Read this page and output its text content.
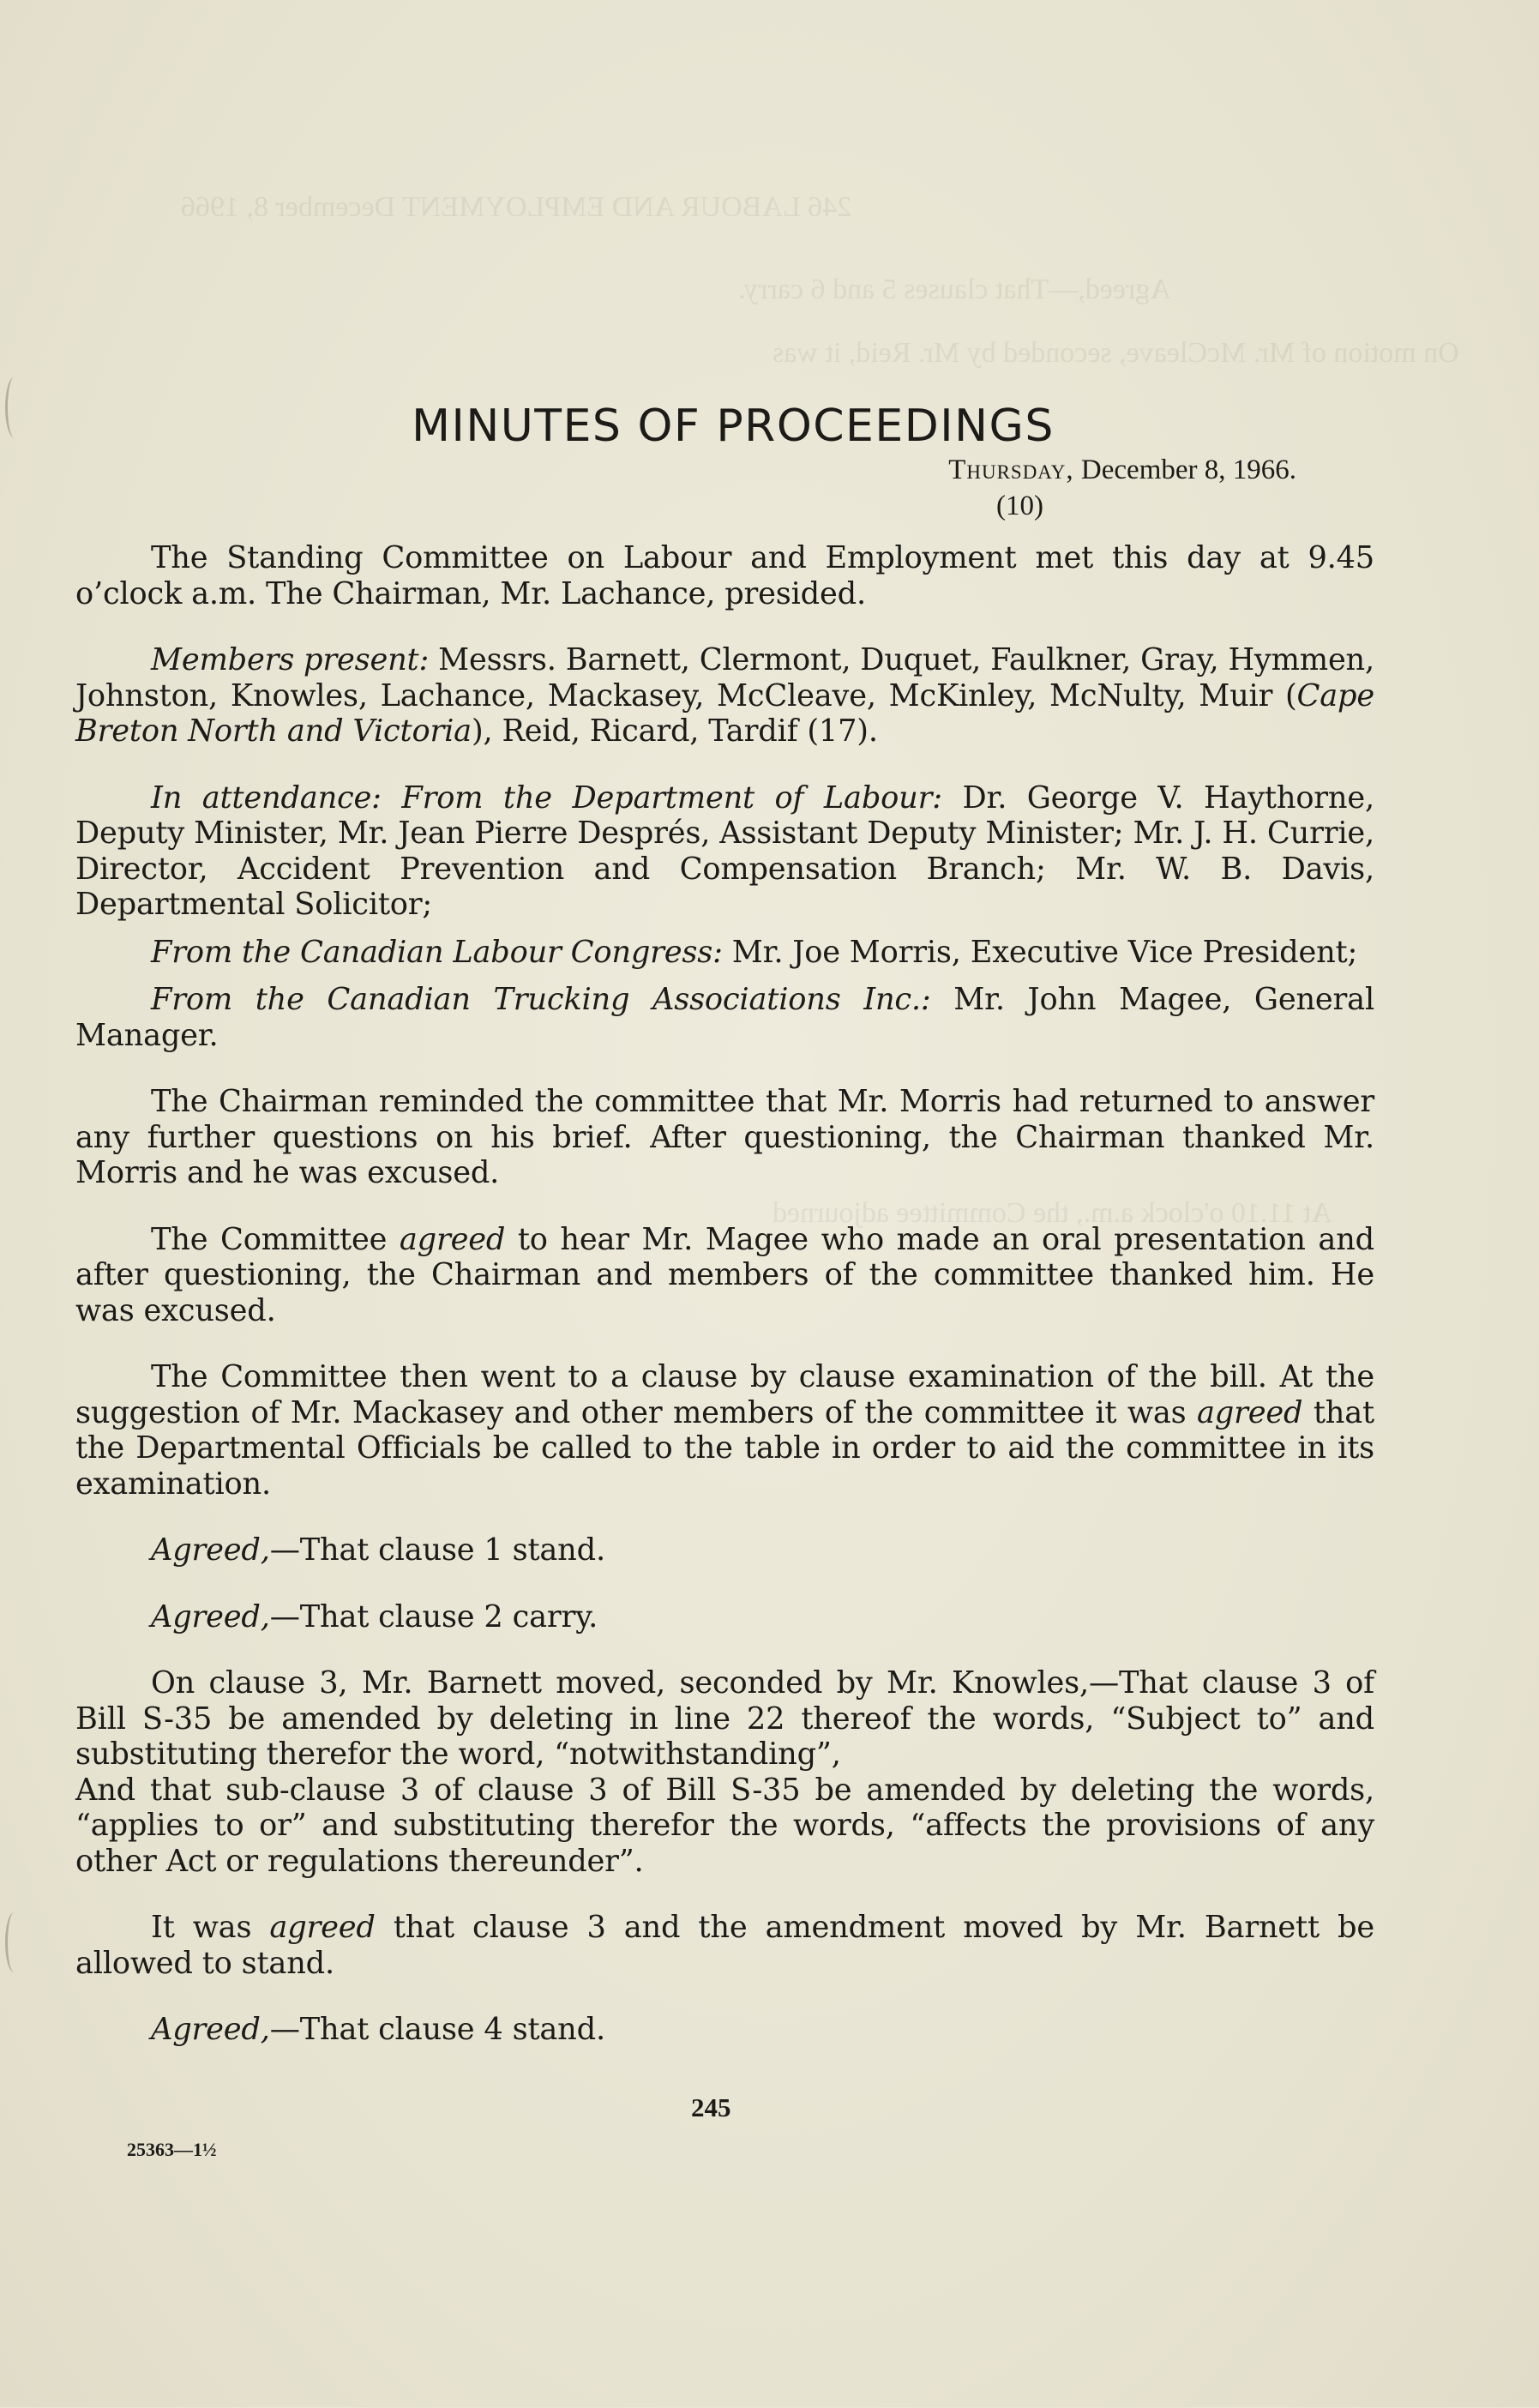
246 LABOUR AND EMPLOYMENT December 8, 1966
Agreed,—That clauses 5 and 6 carry.
On motion of Mr. McCleave, seconded by Mr. Reid, it was
At 11.10 o'clock a.m., the Committee adjourned
MINUTES OF PROCEEDINGS
Thursday, December 8, 1966.
(10)

The Standing Committee on Labour and Employment met this day at 9.45 o’clock a.m. The Chairman, Mr. Lachance, presided.

Members present: Messrs. Barnett, Clermont, Duquet, Faulkner, Gray, Hymmen, Johnston, Knowles, Lachance, Mackasey, McCleave, McKinley, McNulty, Muir (Cape Breton North and Victoria), Reid, Ricard, Tardif (17).

In attendance: From the Department of Labour: Dr. George V. Haythorne, Deputy Minister, Mr. Jean Pierre Després, Assistant Deputy Minister; Mr. J. H. Currie, Director, Accident Prevention and Compensation Branch; Mr. W. B. Davis, Departmental Solicitor;

From the Canadian Labour Congress: Mr. Joe Morris, Executive Vice President;

From the Canadian Trucking Associations Inc.: Mr. John Magee, General Manager.

The Chairman reminded the committee that Mr. Morris had returned to answer any further questions on his brief. After questioning, the Chairman thanked Mr. Morris and he was excused.

The Committee agreed to hear Mr. Magee who made an oral presentation and after questioning, the Chairman and members of the committee thanked him. He was excused.

The Committee then went to a clause by clause examination of the bill. At the suggestion of Mr. Mackasey and other members of the committee it was agreed that the Departmental Officials be called to the table in order to aid the committee in its examination.

Agreed,—That clause 1 stand.

Agreed,—That clause 2 carry.

On clause 3, Mr. Barnett moved, seconded by Mr. Knowles,—That clause 3 of Bill S-35 be amended by deleting in line 22 thereof the words, “Subject to” and substituting therefor the word, “notwithstanding”,

And that sub-clause 3 of clause 3 of Bill S-35 be amended by deleting the words, “applies to or” and substituting therefor the words, “affects the provisions of any other Act or regulations thereunder”.

It was agreed that clause 3 and the amendment moved by Mr. Barnett be allowed to stand.

Agreed,—That clause 4 stand.

245
25363—1½
